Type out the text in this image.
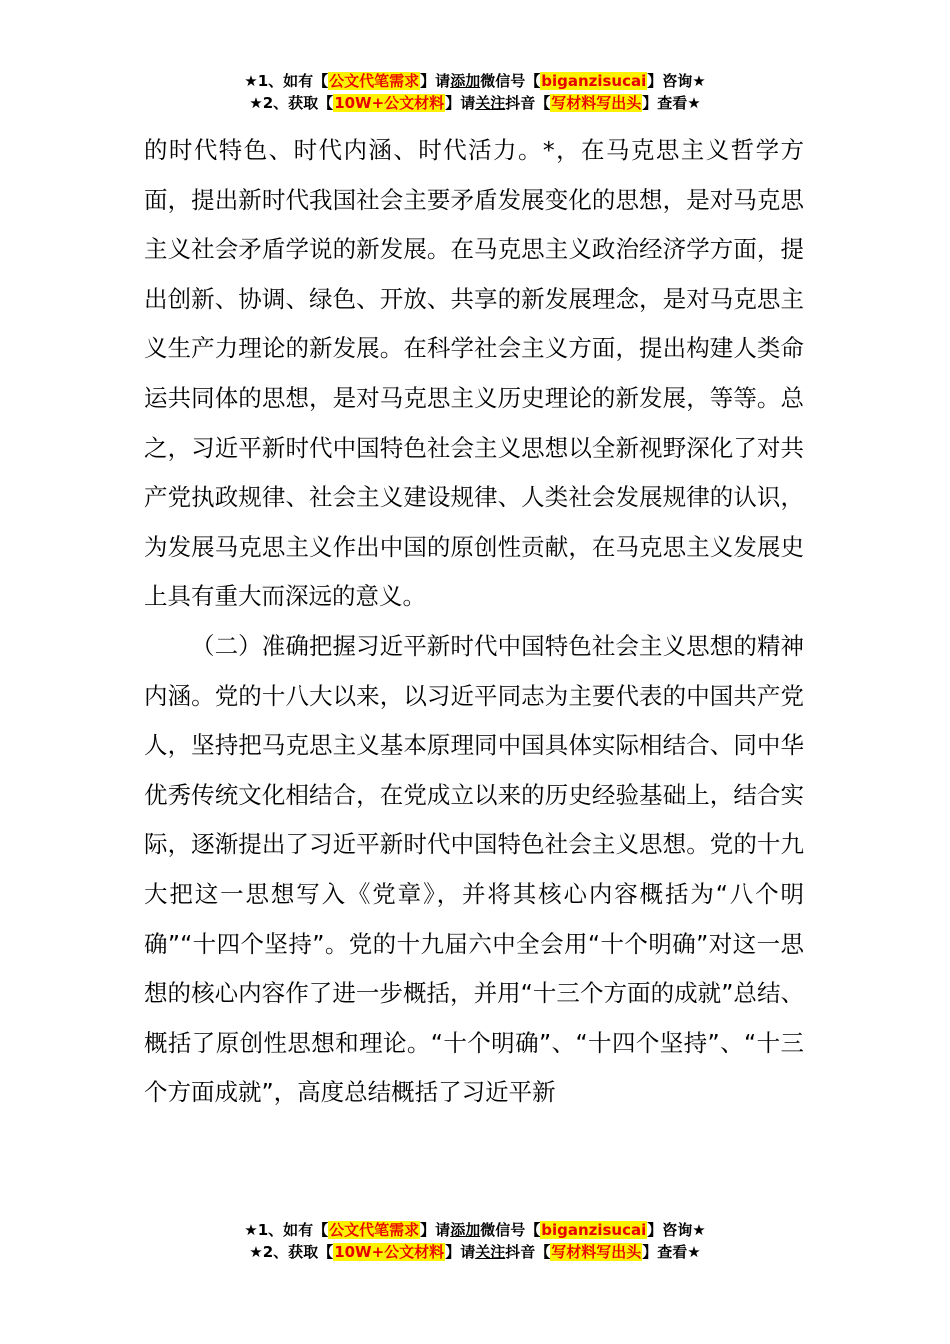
★1、如有【公文代笔需求】请添加微信号【biganzisucai】咨询★
★2、获取【10W+公文材料】请关注抖音【写材料写出头】查看★

的时代特色、时代内涵、时代活力。*，在马克思主义哲学方面，提出新时代我国社会主要矛盾发展变化的思想，是对马克思主义社会矛盾学说的新发展。在马克思主义政治经济学方面，提出创新、协调、绿色、开放、共享的新发展理念，是对马克思主义生产力理论的新发展。在科学社会主义方面，提出构建人类命运共同体的思想，是对马克思主义历史理论的新发展，等等。总之，习近平新时代中国特色社会主义思想以全新视野深化了对共产党执政规律、社会主义建设规律、人类社会发展规律的认识，为发展马克思主义作出中国的原创性贡献，在马克思主义发展史上具有重大而深远的意义。

（二）准确把握习近平新时代中国特色社会主义思想的精神内涵。党的十八大以来，以习近平同志为主要代表的中国共产党人，坚持把马克思主义基本原理同中国具体实际相结合、同中华优秀传统文化相结合，在党成立以来的历史经验基础上，结合实际，逐渐提出了习近平新时代中国特色社会主义思想。党的十九大把这一思想写入《党章》，并将其核心内容概括为“八个明确”“十四个坚持”。党的十九届六中全会用“十个明确”对这一思想的核心内容作了进一步概括，并用“十三个方面的成就”总结、概括了原创性思想和理论。“十个明确”、“十四个坚持”、“十三个方面成就”，高度总结概括了习近平新

★1、如有【公文代笔需求】请添加微信号【biganzisucai】咨询★
★2、获取【10W+公文材料】请关注抖音【写材料写出头】查看★
